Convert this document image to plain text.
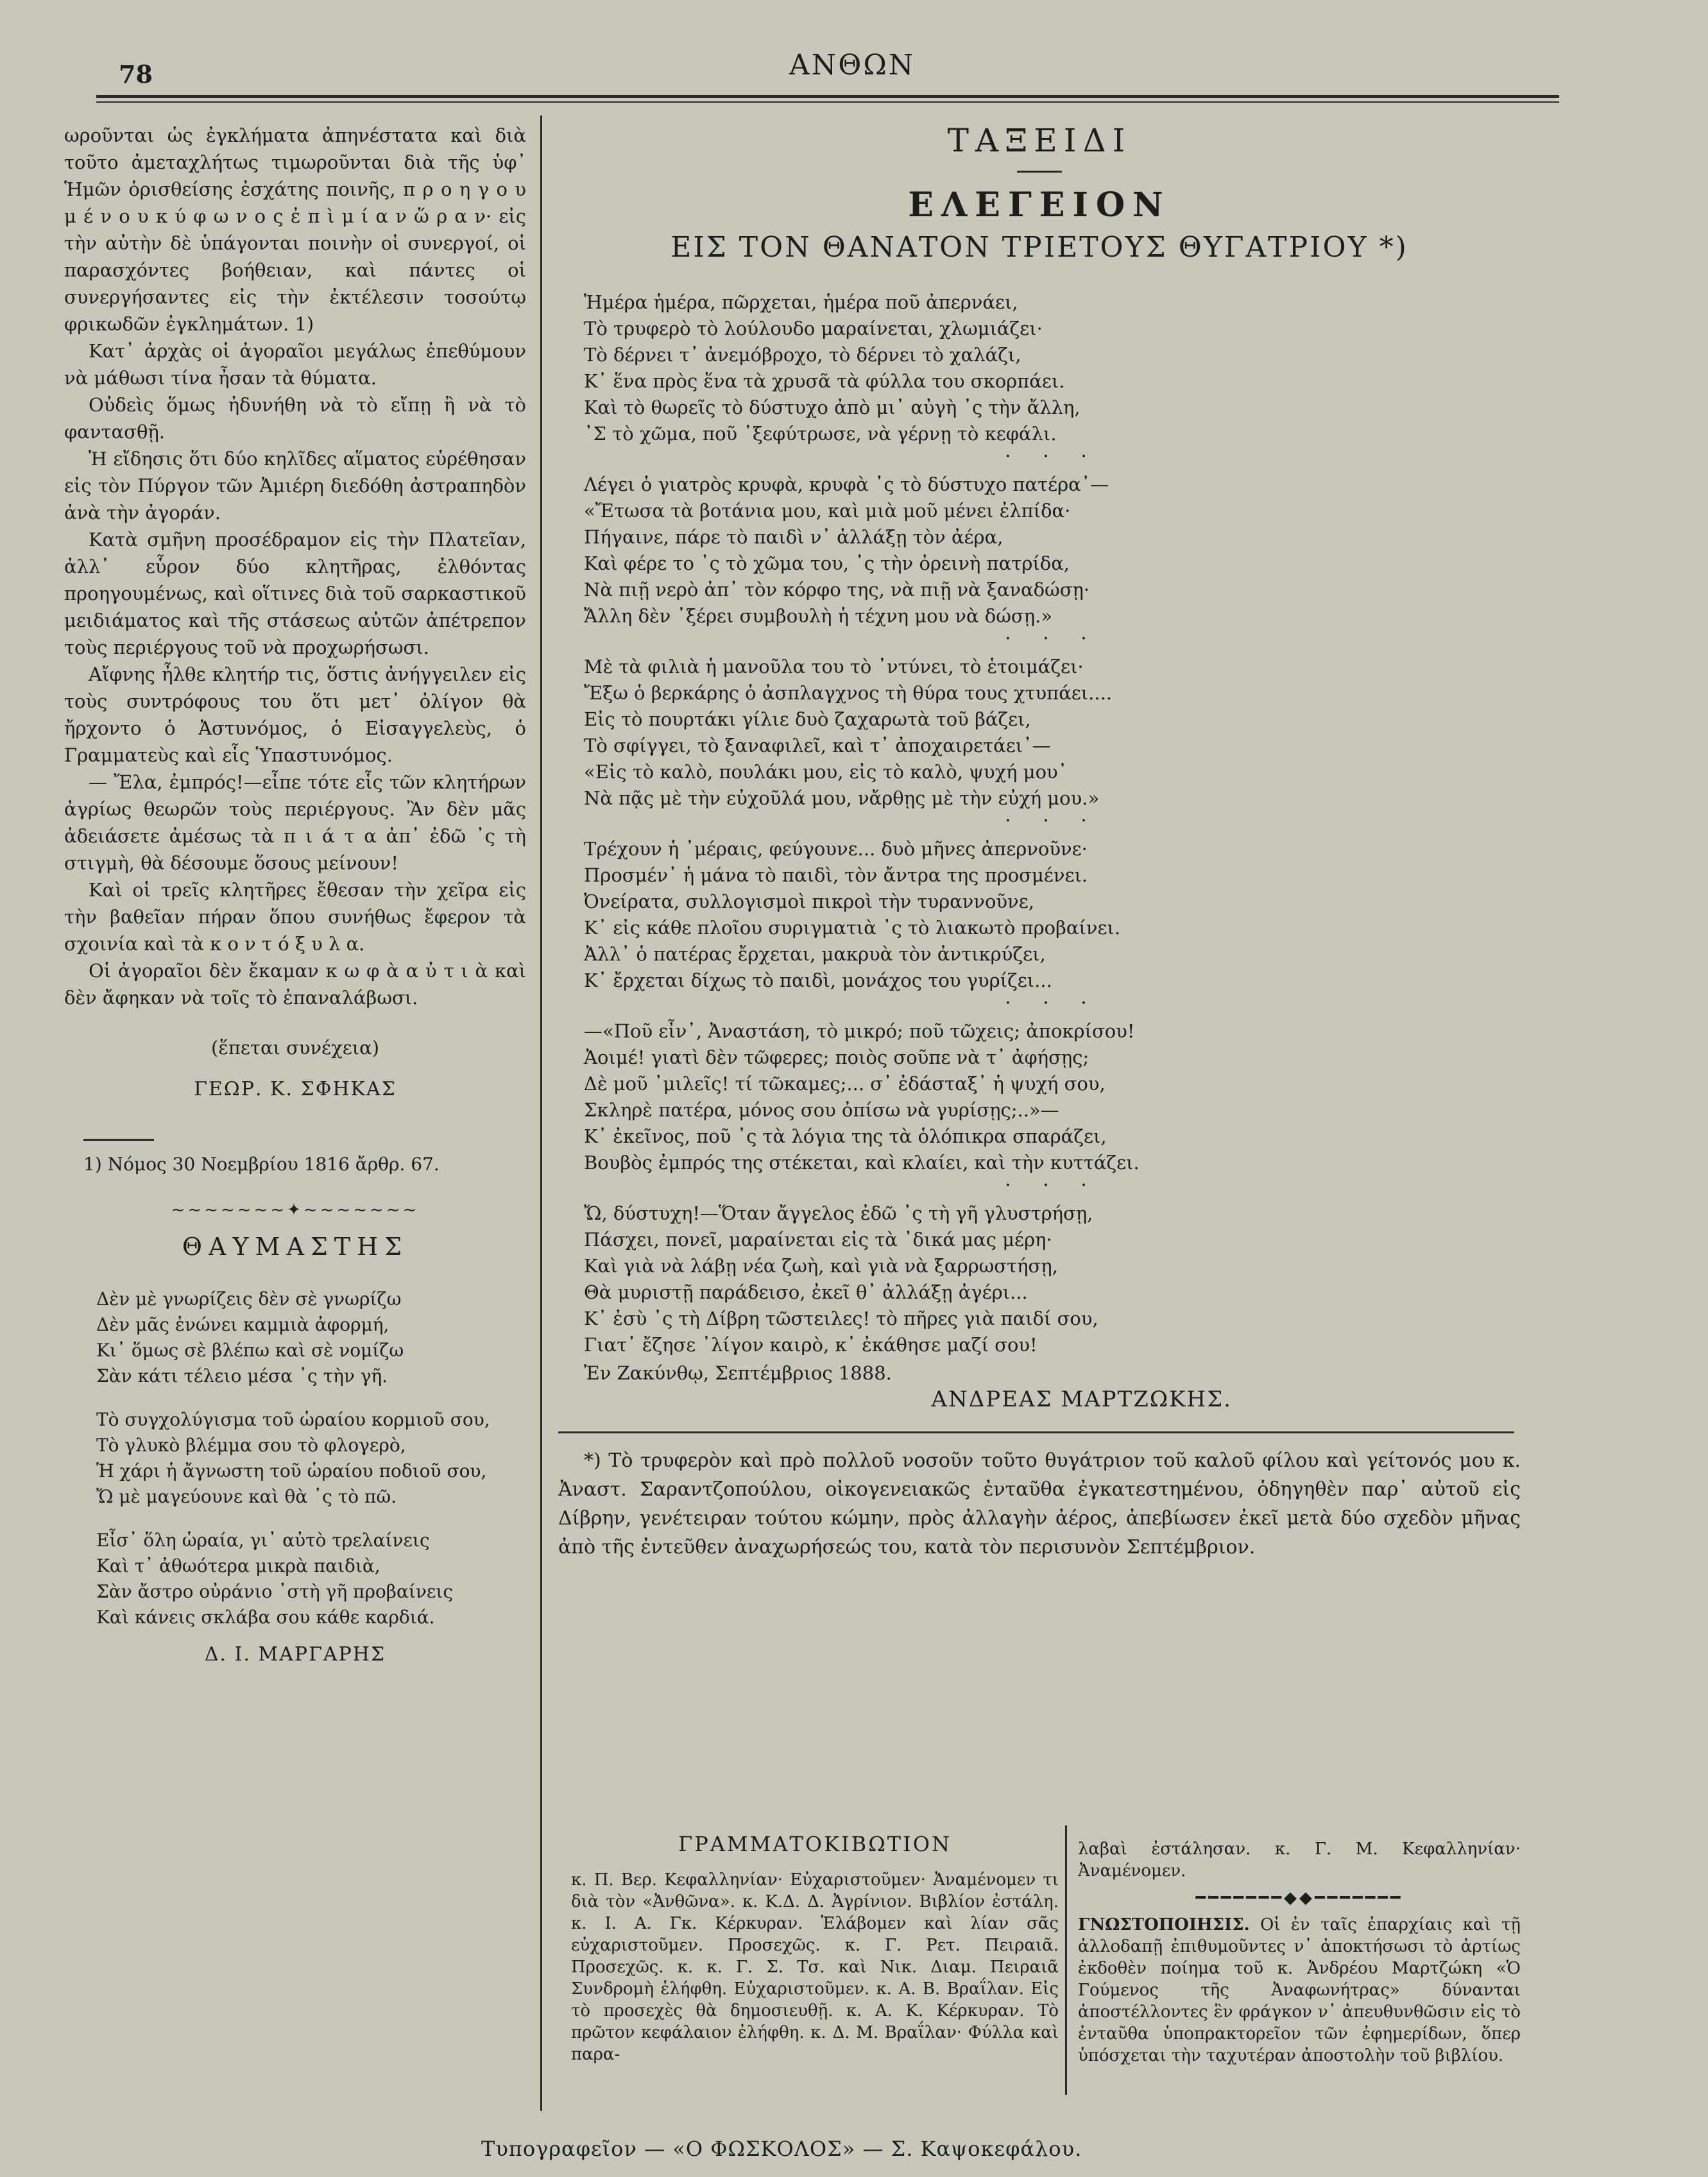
78	ΑΝΘΩΝ

ωροῦνται ὡς ἐγκλήματα ἀπηνέστατα καὶ διὰ τοῦτο ἀμεταχλήτως τιμωροῦνται διὰ τῆς ὑφ᾽ Ἡμῶν ὁρισθείσης ἐσχάτης ποινῆς, π ρ ο η γ ο υ μ έ ν ο υ κ ύ φ ω ν ο ς ἐ π ὶ μ ί α ν ὥ ρ α ν· εἰς τὴν αὐτὴν δὲ ὑπάγονται ποινὴν οἱ συνεργοί, οἱ παρασχόντες βοήθειαν, καὶ πάντες οἱ συνεργήσαντες εἰς τὴν ἐκτέλεσιν τοσούτῳ φρικωδῶν ἐγκλημάτων. 1)

Κατ᾽ ἀρχὰς οἱ ἀγοραῖοι μεγάλως ἐπεθύμουν νὰ μάθωσι τίνα ἦσαν τὰ θύματα.

Οὐδεὶς ὅμως ἠδυνήθη νὰ τὸ εἴπῃ ἢ νὰ τὸ φαντασθῇ.

Ἡ εἴδησις ὅτι δύο κηλῖδες αἵματος εὑρέθησαν εἰς τὸν Πύργον τῶν Ἀμιέρη διεδόθη ἀστραπηδὸν ἀνὰ τὴν ἀγοράν.

Κατὰ σμῆνη προσέδραμον εἰς τὴν Πλατεῖαν, ἀλλ᾽ εὗρον δύο κλητῆρας, ἐλθόντας προηγουμένως, καὶ οἵτινες διὰ τοῦ σαρκαστικοῦ μειδιάματος καὶ τῆς στάσεως αὐτῶν ἀπέτρεπον τοὺς περιέργους τοῦ νὰ προχωρήσωσι.

Αἴφνης ἦλθε κλητήρ τις, ὅστις ἀνήγγειλεν εἰς τοὺς συντρόφους του ὅτι μετ᾽ ὀλίγον θὰ ἤρχοντο ὁ Ἀστυνόμος, ὁ Εἰσαγγελεὺς, ὁ Γραμματεὺς καὶ εἷς Ὑπαστυνόμος.

— Ἔλα, ἐμπρός!—εἶπε τότε εἷς τῶν κλητήρων ἀγρίως θεωρῶν τοὺς περιέργους. Ἂν δὲν μᾶς ἀδειάσετε ἀμέσως τὰ π ι ά τ α ἀπ᾽ ἐδῶ ᾽ς τὴ στιγμὴ, θὰ δέσουμε ὅσους μείνουν!

Καὶ οἱ τρεῖς κλητῆρες ἔθεσαν τὴν χεῖρα εἰς τὴν βαθεῖαν πήραν ὅπου συνήθως ἔφερον τὰ σχοινία καὶ τὰ κ ο ν τ ό ξ υ λ α.

Οἱ ἀγοραῖοι δὲν ἔκαμαν κ ω φ ὰ α ὐ τ ι ὰ καὶ δὲν ἄφηκαν νὰ τοῖς τὸ ἐπαναλάβωσι.

(ἕπεται συνέχεια)
ΓΕΩΡ. Κ. ΣΦΗΚΑΣ
1) Νόμος 30 Νοεμβρίου 1816 ἄρθρ. 67.
~~~~~~~✦~~~~~~~
ΘΑΥΜΑΣΤΗΣ
Δὲν μὲ γνωρίζεις δὲν σὲ γνωρίζω
Δὲν μᾶς ἑνώνει καμμιὰ ἀφορμή,
Κι᾽ ὅμως σὲ βλέπω καὶ σὲ νομίζω
Σὰν κάτι τέλειο μέσα ᾽ς τὴν γῆ.
Τὸ συγχολύγισμα τοῦ ὡραίου κορμιοῦ σου,
Τὸ γλυκὸ βλέμμα σου τὸ φλογερὸ,
Ἡ χάρι ἡ ἄγνωστη τοῦ ὡραίου ποδιοῦ σου,
Ὤ μὲ μαγεύουνε καὶ θὰ ᾽ς τὸ πῶ.
Εἶσ᾽ ὅλη ὡραία, γι᾽ αὐτὸ τρελαίνεις
Καὶ τ᾽ ἀθωότερα μικρὰ παιδιὰ,
Σὰν ἄστρο οὐράνιο ᾽στὴ γῆ προβαίνεις
Καὶ κάνεις σκλάβα σου κάθε καρδιά.
Δ. Ι. ΜΑΡΓΑΡΗΣ
ΤΑΞΕΙΔΙ
ΕΛΕΓΕΙΟΝ
ΕΙΣ ΤΟΝ ΘΑΝΑΤΟΝ ΤΡΙΕΤΟΥΣ ΘΥΓΑΤΡΙΟΥ *)
Ἡμέρα ἡμέρα, πῶρχεται, ἡμέρα ποῦ ἀπερνάει,
Τὸ τρυφερὸ τὸ λούλουδο μαραίνεται, χλωμιάζει·
Τὸ δέρνει τ᾽ ἀνεμόβροχο, τὸ δέρνει τὸ χαλάζι,
Κ᾽ ἕνα πρὸς ἕνα τὰ χρυσᾶ τὰ φύλλα του σκορπάει.
Καὶ τὸ θωρεῖς τὸ δύστυχο ἀπὸ μι᾽ αὐγὴ ᾽ς τὴν ἄλλη,
᾽Σ τὸ χῶμα, ποῦ ᾽ξεφύτρωσε, νὰ γέρνῃ τὸ κεφάλι.
· · ·
Λέγει ὁ γιατρὸς κρυφὰ, κρυφὰ ᾽ς τὸ δύστυχο πατέρα᾽—
«Ἔτωσα τὰ βοτάνια μου, καὶ μιὰ μοῦ μένει ἐλπίδα·
Πήγαινε, πάρε τὸ παιδὶ ν᾽ ἀλλάξῃ τὸν ἀέρα,
Καὶ φέρε το ᾽ς τὸ χῶμα του, ᾽ς τὴν ὀρεινὴ πατρίδα,
Νὰ πιῇ νερὸ ἀπ᾽ τὸν κόρφο της, νὰ πιῇ νὰ ξαναδώσῃ·
Ἄλλη δὲν ᾽ξέρει συμβουλὴ ἡ τέχνη μου νὰ δώσῃ.»
· · ·
Μὲ τὰ φιλιὰ ἡ μανοῦλα του τὸ ᾽ντύνει, τὸ ἑτοιμάζει·
Ἔξω ὁ βερκάρης ὁ ἀσπλαγχνος τὴ θύρα τους χτυπάει....
Εἰς τὸ πουρτάκι γίλιε δυὸ ζαχαρωτὰ τοῦ βάζει,
Τὸ σφίγγει, τὸ ξαναφιλεῖ, καὶ τ᾽ ἀποχαιρετάει᾽—
«Εἰς τὸ καλὸ, πουλάκι μου, εἰς τὸ καλὸ, ψυχή μου᾽
Νὰ πᾷς μὲ τὴν εὐχοῦλά μου, νἄρθῃς μὲ τὴν εὐχή μου.»
· · ·
Τρέχουν ἡ ᾽μέραις, φεύγουνε... δυὸ μῆνες ἀπερνοῦνε·
Προσμέν᾽ ἡ μάνα τὸ παιδὶ, τὸν ἄντρα της προσμένει.
Ὀνείρατα, συλλογισμοὶ πικροὶ τὴν τυραννοῦνε,
Κ᾽ εἰς κάθε πλοῖου συριγματιὰ ᾽ς τὸ λιακωτὸ προβαίνει.
Ἀλλ᾽ ὁ πατέρας ἔρχεται, μακρυὰ τὸν ἀντικρύζει,
Κ᾽ ἔρχεται δίχως τὸ παιδὶ, μονάχος του γυρίζει...
· · ·
—«Ποῦ εἶν᾽, Ἀναστάση, τὸ μικρό; ποῦ τῶχεις; ἀποκρίσου!
Ἀοιμέ! γιατὶ δὲν τῶφερες; ποιὸς σοῦπε νὰ τ᾽ ἀφήσῃς;
Δὲ μοῦ ᾽μιλεῖς! τί τῶκαμες;... σ᾽ ἐδάσταξ᾽ ἡ ψυχή σου,
Σκληρὲ πατέρα, μόνος σου ὀπίσω νὰ γυρίσῃς;..»—
Κ᾽ ἐκεῖνος, ποῦ ᾽ς τὰ λόγια της τὰ ὁλόπικρα σπαράζει,
Βουβὸς ἐμπρός της στέκεται, καὶ κλαίει, καὶ τὴν κυττάζει.
· · ·
Ὤ, δύστυχη!—Ὅταν ἄγγελος ἐδῶ ᾽ς τὴ γῆ γλυστρήσῃ,
Πάσχει, πονεῖ, μαραίνεται εἰς τὰ ᾽δικά μας μέρη·
Καὶ γιὰ νὰ λάβῃ νέα ζωὴ, καὶ γιὰ νὰ ξαρρωστήσῃ,
Θὰ μυριστῇ παράδεισο, ἐκεῖ θ᾽ ἀλλάξῃ ἀγέρι...
Κ᾽ ἐσὺ ᾽ς τὴ Δίβρη τῶστειλες! τὸ πῆρες γιὰ παιδί σου,
Γιατ᾽ ἔζησε ᾽λίγον καιρὸ, κ᾽ ἐκάθησε μαζί σου!
Ἐν Ζακύνθῳ, Σεπτέμβριος 1888.
ΑΝΔΡΕΑΣ ΜΑΡΤΖΩΚΗΣ.

*) Τὸ τρυφερὸν καὶ πρὸ πολλοῦ νοσοῦν τοῦτο θυγάτριον τοῦ καλοῦ φίλου καὶ γείτονός μου κ. Ἀναστ. Σαραντζοπούλου, οἰκογενειακῶς ἐνταῦθα ἐγκατεστημένου, ὁδηγηθὲν παρ᾽ αὐτοῦ εἰς Δίβρην, γενέτειραν τούτου κώμην, πρὸς ἀλλαγὴν ἀέρος, ἀπεβίωσεν ἐκεῖ μετὰ δύο σχεδὸν μῆνας ἀπὸ τῆς ἐντεῦθεν ἀναχωρήσεώς του, κατὰ τὸν περισυνὸν Σεπτέμβριον.

ΓΡΑΜΜΑΤΟΚΙΒΩΤΙΟΝ

κ. Π. Βερ. Κεφαλληνίαν· Εὐχαριστοῦμεν· Ἀναμένομεν τι διὰ τὸν «Ἀνθῶνα». κ. Κ.Δ. Δ. Ἀγρίνιον. Βιβλίον ἐστάλη. κ. Ι. Α. Γκ. Κέρκυραν. Ἐλάβομεν καὶ λίαν σᾶς εὐχαριστοῦμεν. Προσεχῶς. κ. Γ. Ρετ. Πειραιᾶ. Προσεχῶς. κ. κ. Γ. Σ. Τσ. καὶ Νικ. Διαμ. Πειραιᾶ Συνδρομὴ ἐλήφθη. Εὐχαριστοῦμεν. κ. Α. Β. Βραΐλαν. Εἰς τὸ προσεχὲς θὰ δημοσιευθῇ. κ. Α. Κ. Κέρκυραν. Τὸ πρῶτον κεφάλαιον ἐλήφθη. κ. Δ. Μ. Βραΐλαν· Φύλλα καὶ παρα-

λαβαὶ ἐστάλησαν. κ. Γ. Μ. Κεφαλληνίαν· Ἀναμένομεν.

━━━━━━━◆◆━━━━━━━

ΓΝΩΣΤΟΠΟΙΗΣΙΣ. Οἱ ἐν ταῖς ἐπαρχίαις καὶ τῇ ἀλλοδαπῇ ἐπιθυμοῦντες ν᾽ ἀποκτήσωσι τὸ ἀρτίως ἐκδοθὲν ποίημα τοῦ κ. Ἀνδρέου Μαρτζώκη «Ὁ Γούμενος τῆς Ἀναφωνήτρας» δύνανται ἀποστέλλοντες ἓν φράγκον ν᾽ ἀπευθυνθῶσιν εἰς τὸ ἐνταῦθα ὑποπρακτορεῖον τῶν ἐφημερίδων, ὅπερ ὑπόσχεται τὴν ταχυτέραν ἀποστολὴν τοῦ βιβλίου.

Τυπογραφεῖον — «Ο ΦΩΣΚΟΛΟΣ» — Σ. Καψοκεφάλου.
